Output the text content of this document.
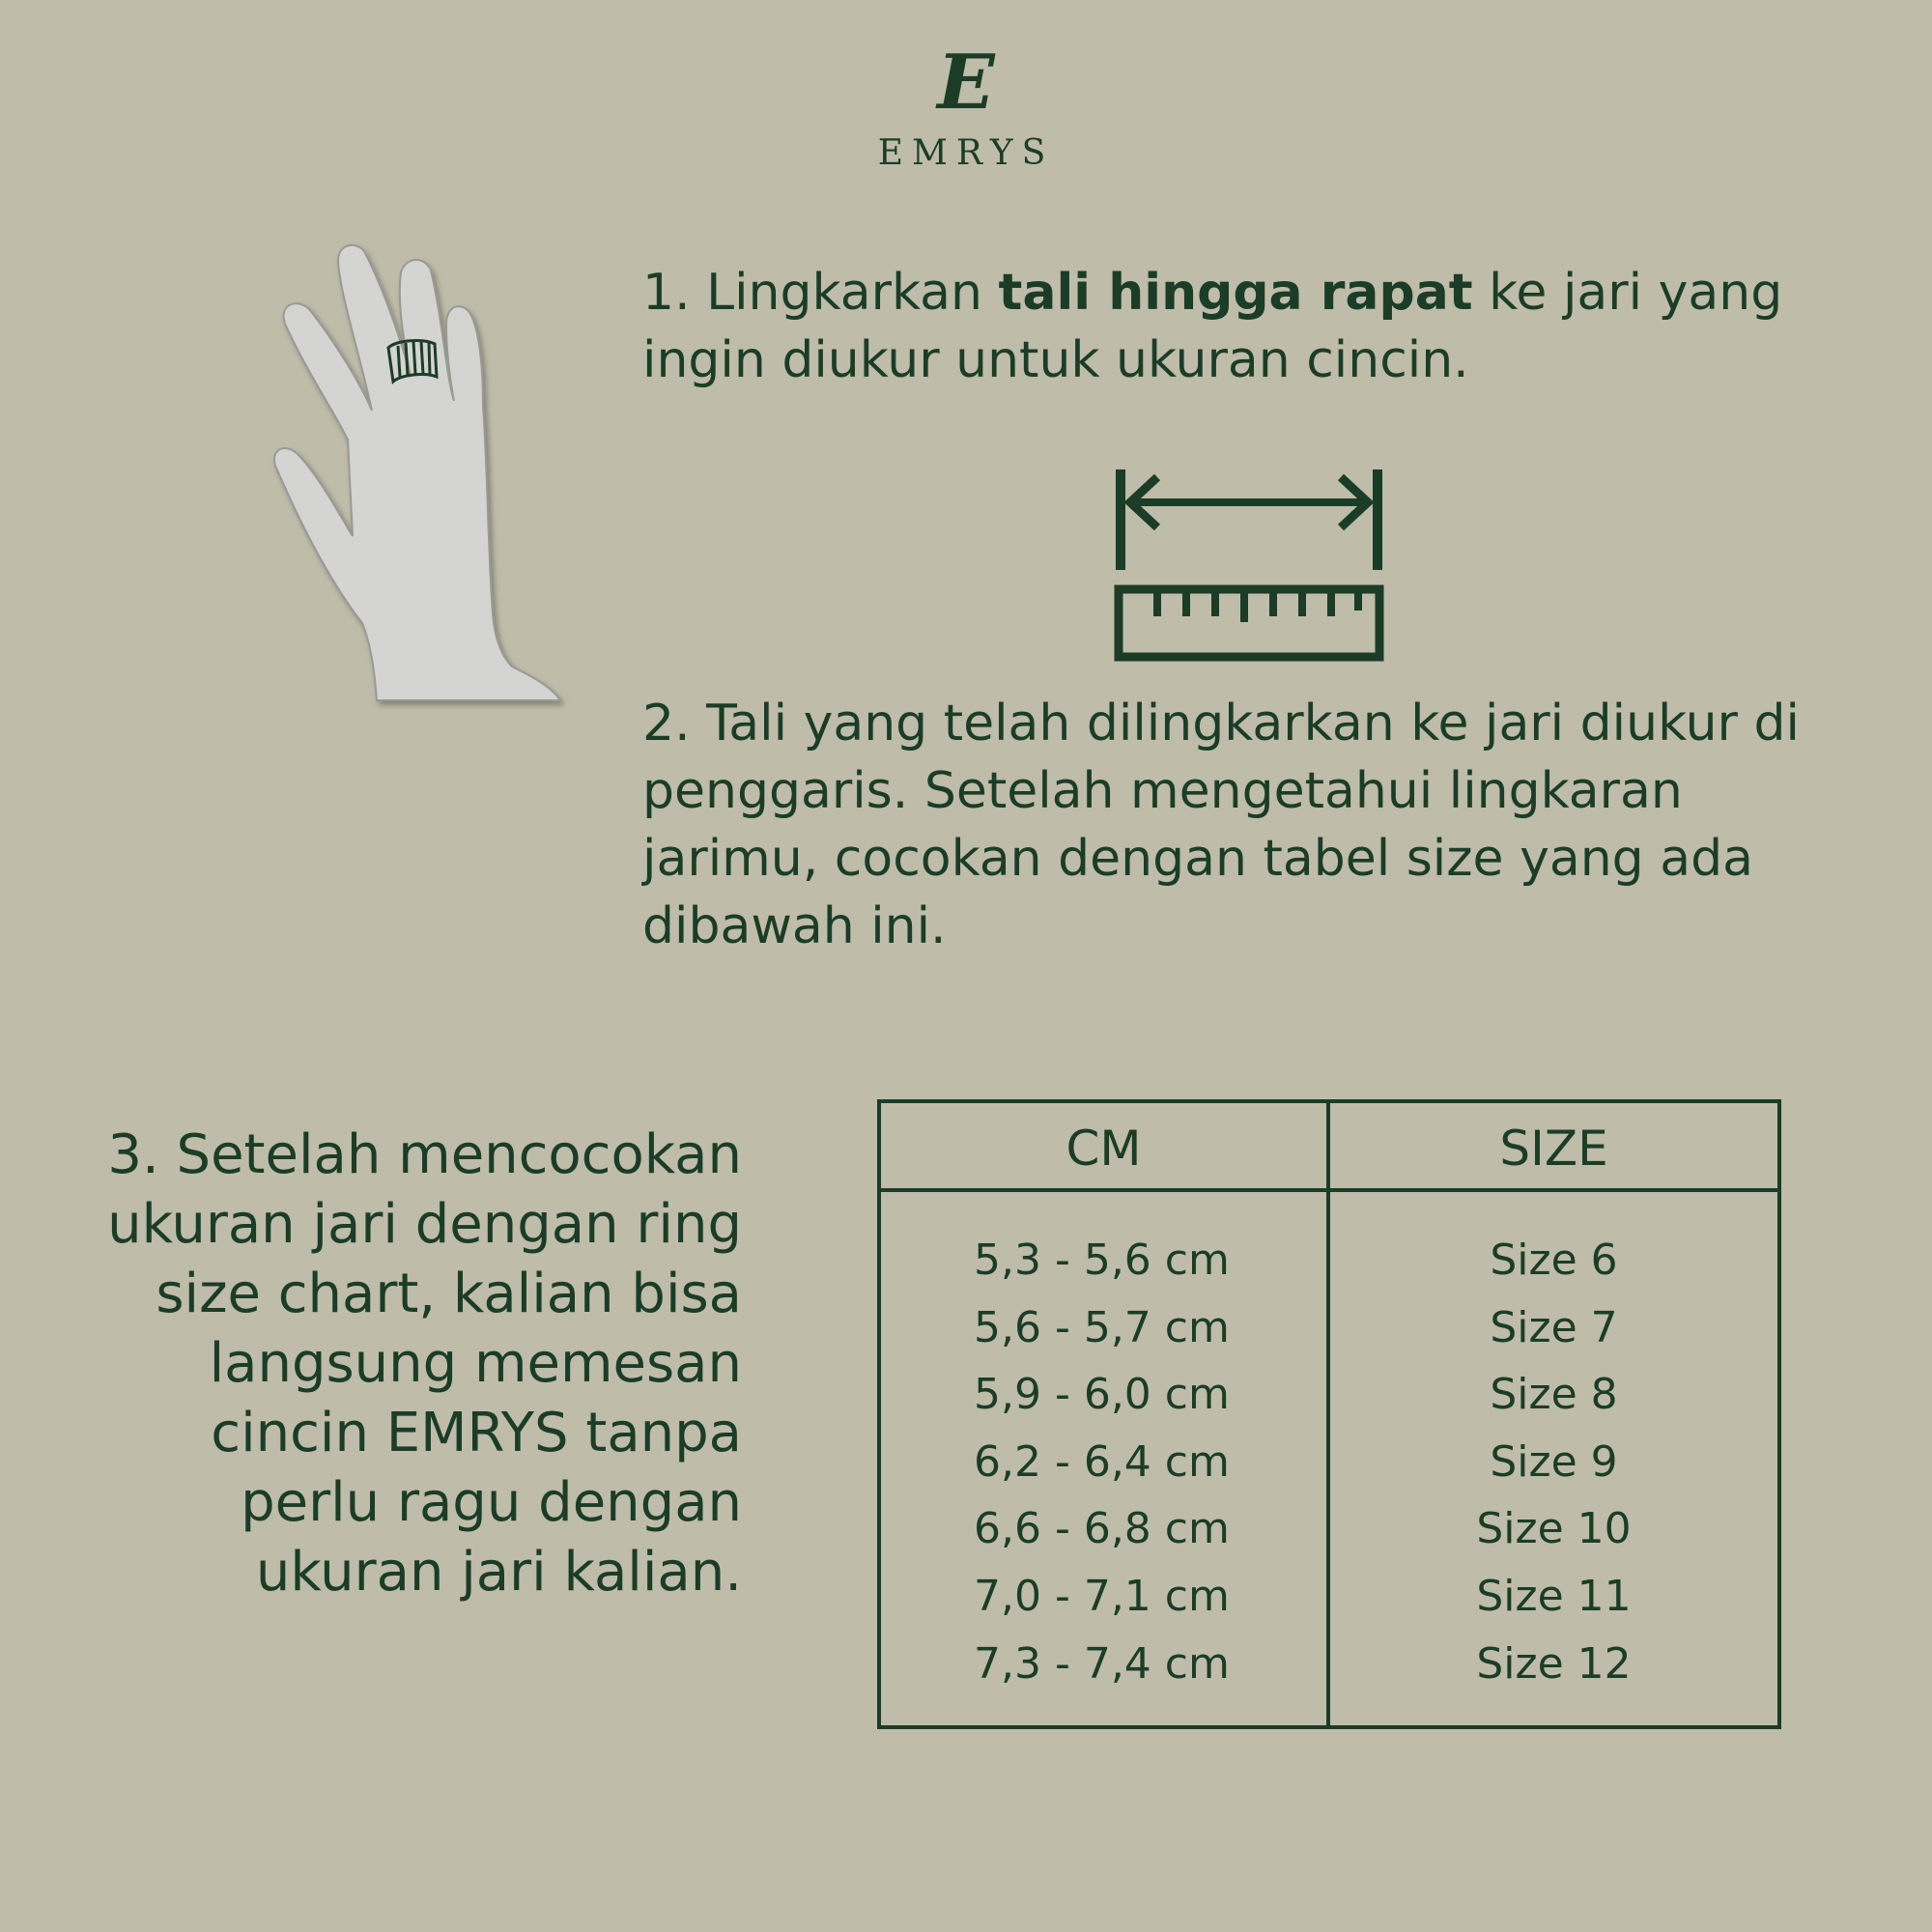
E
EMRYS
1. Lingkarkan tali hingga rapat ke jari yang ingin diukur untuk ukuran cincin.
2. Tali yang telah dilingkarkan ke jari diukur di penggaris. Setelah mengetahui lingkaran jarimu, cocokan dengan tabel size yang ada dibawah ini.
3. Setelah mencocokan ukuran jari dengan ring size chart, kalian bisa langsung memesan cincin EMRYS tanpa perlu ragu dengan ukuran jari kalian.
CM	SIZE
5,3 - 5,6 cm	Size 6
5,6 - 5,7 cm	Size 7
5,9 - 6,0 cm	Size 8
6,2 - 6,4 cm	Size 9
6,6 - 6,8 cm	Size 10
7,0 - 7,1 cm	Size 11
7,3 - 7,4 cm	Size 12
